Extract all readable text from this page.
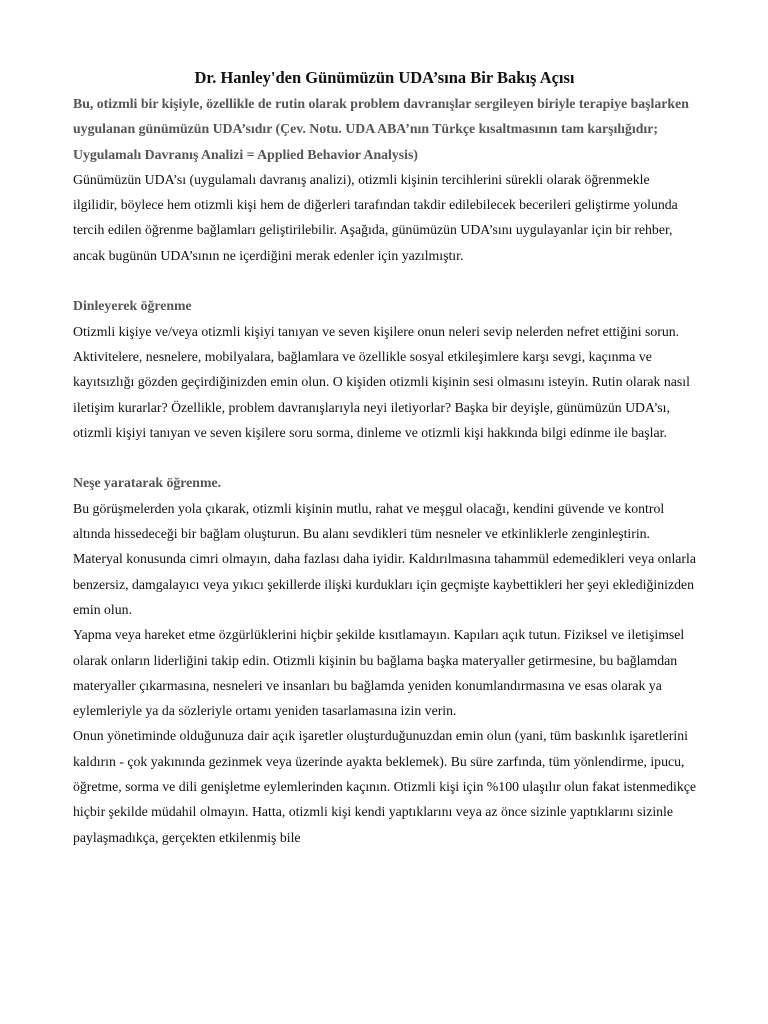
Dr. Hanley'den Günümüzün UDA’sına Bir Bakış Açısı

Bu, otizmli bir kişiyle, özellikle de rutin olarak problem davranışlar sergileyen biriyle terapiye başlarken uygulanan günümüzün UDA’sıdır (Çev. Notu. UDA ABA’nın Türkçe kısaltmasının tam karşılığıdır; Uygulamalı Davranış Analizi = Applied Behavior Analysis)

Günümüzün UDA’sı (uygulamalı davranış analizi), otizmli kişinin tercihlerini sürekli olarak öğrenmekle ilgilidir, böylece hem otizmli kişi hem de diğerleri tarafından takdir edilebilecek becerileri geliştirme yolunda tercih edilen öğrenme bağlamları geliştirilebilir. Aşağıda, günümüzün UDA’sını uygulayanlar için bir rehber, ancak bugünün UDA’sının ne içerdiğini merak edenler için yazılmıştır.

Dinleyerek öğrenme

Otizmli kişiye ve/veya otizmli kişiyi tanıyan ve seven kişilere onun neleri sevip nelerden nefret ettiğini sorun. Aktivitelere, nesnelere, mobilyalara, bağlamlara ve özellikle sosyal etkileşimlere karşı sevgi, kaçınma ve kayıtsızlığı gözden geçirdiğinizden emin olun. O kişiden otizmli kişinin sesi olmasını isteyin. Rutin olarak nasıl iletişim kurarlar? Özellikle, problem davranışlarıyla neyi iletiyorlar? Başka bir deyişle, günümüzün UDA’sı, otizmli kişiyi tanıyan ve seven kişilere soru sorma, dinleme ve otizmli kişi hakkında bilgi edinme ile başlar.

Neşe yaratarak öğrenme.

Bu görüşmelerden yola çıkarak, otizmli kişinin mutlu, rahat ve meşgul olacağı, kendini güvende ve kontrol altında hissedeceği bir bağlam oluşturun. Bu alanı sevdikleri tüm nesneler ve etkinliklerle zenginleştirin. Materyal konusunda cimri olmayın, daha fazlası daha iyidir. Kaldırılmasına tahammül edemedikleri veya onlarla benzersiz, damgalayıcı veya yıkıcı şekillerde ilişki kurdukları için geçmişte kaybettikleri her şeyi eklediğinizden emin olun.

Yapma veya hareket etme özgürlüklerini hiçbir şekilde kısıtlamayın. Kapıları açık tutun. Fiziksel ve iletişimsel olarak onların liderliğini takip edin. Otizmli kişinin bu bağlama başka materyaller getirmesine, bu bağlamdan materyaller çıkarmasına, nesneleri ve insanları bu bağlamda yeniden konumlandırmasına ve esas olarak ya eylemleriyle ya da sözleriyle ortamı yeniden tasarlamasına izin verin.

Onun yönetiminde olduğunuza dair açık işaretler oluşturduğunuzdan emin olun (yani, tüm baskınlık işaretlerini kaldırın - çok yakınında gezinmek veya üzerinde ayakta beklemek). Bu süre zarfında, tüm yönlendirme, ipucu, öğretme, sorma ve dili genişletme eylemlerinden kaçının. Otizmli kişi için %100 ulaşılır olun fakat istenmedikçe hiçbir şekilde müdahil olmayın. Hatta, otizmli kişi kendi yaptıklarını veya az önce sizinle yaptıklarını sizinle paylaşmadıkça, gerçekten etkilenmiş bile
